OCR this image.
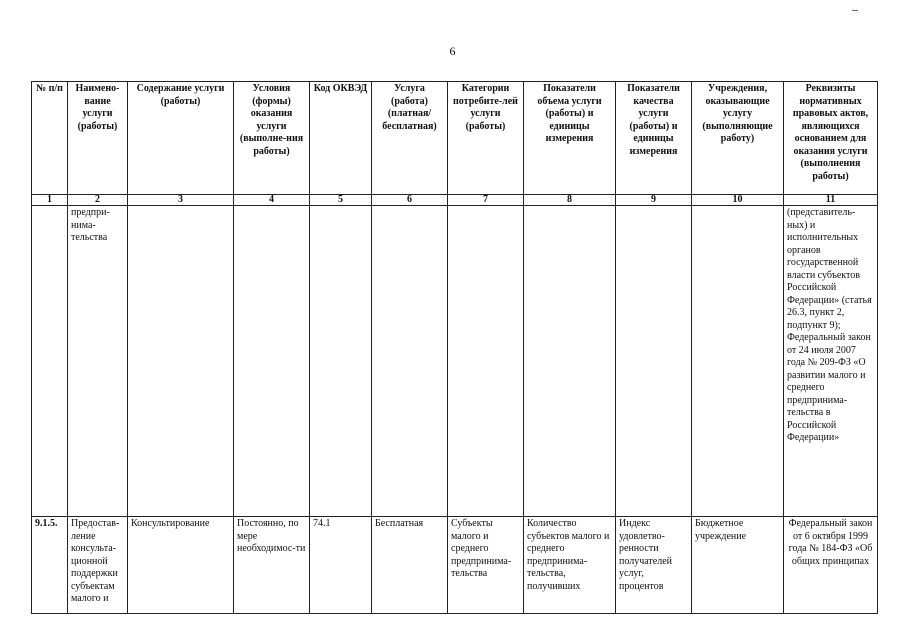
6
№ п/п	Наимено-вание услуги (работы)	Содержание услуги (работы)	Условия (формы) оказания услуги (выполне-ния работы)	Код ОКВЭД	Услуга (работа) (платная/ бесплатная)	Категории потребите-лей услуги (работы)	Показатели объема услуги (работы) и единицы измерения	Показатели качества услуги (работы) и единицы измерения	Учреждения, оказывающие услугу (выполняющие работу)	Реквизиты нормативных правовых актов, являющихся основанием для оказания услуги (выполнения работы)
1	2	3	4	5	6	7	8	9	10	11
	предпри-нима-тельства									(представитель-ных) и исполнительных органов государственной власти субъектов Российской Федерации» (статья 26.3, пункт 2, подпункт 9); Федеральный закон от 24 июля 2007 года № 209-ФЗ «О развитии малого и среднего предпринима-тельства в Российской Федерации»
9.1.5.	Предостав-ление консульта-ционной поддержки субъектам малого и	Консультирование	Постоянно, по мере необходимос-ти	74.1	Бесплатная	Субъекты малого и среднего предпринима-тельства	Количество субъектов малого и среднего предпринима-тельства, получивших	Индекс удовлетво-ренности получателей услуг, процентов	Бюджетное учреждение	Федеральный закон от 6 октября 1999 года № 184-ФЗ «Об общих принципах
